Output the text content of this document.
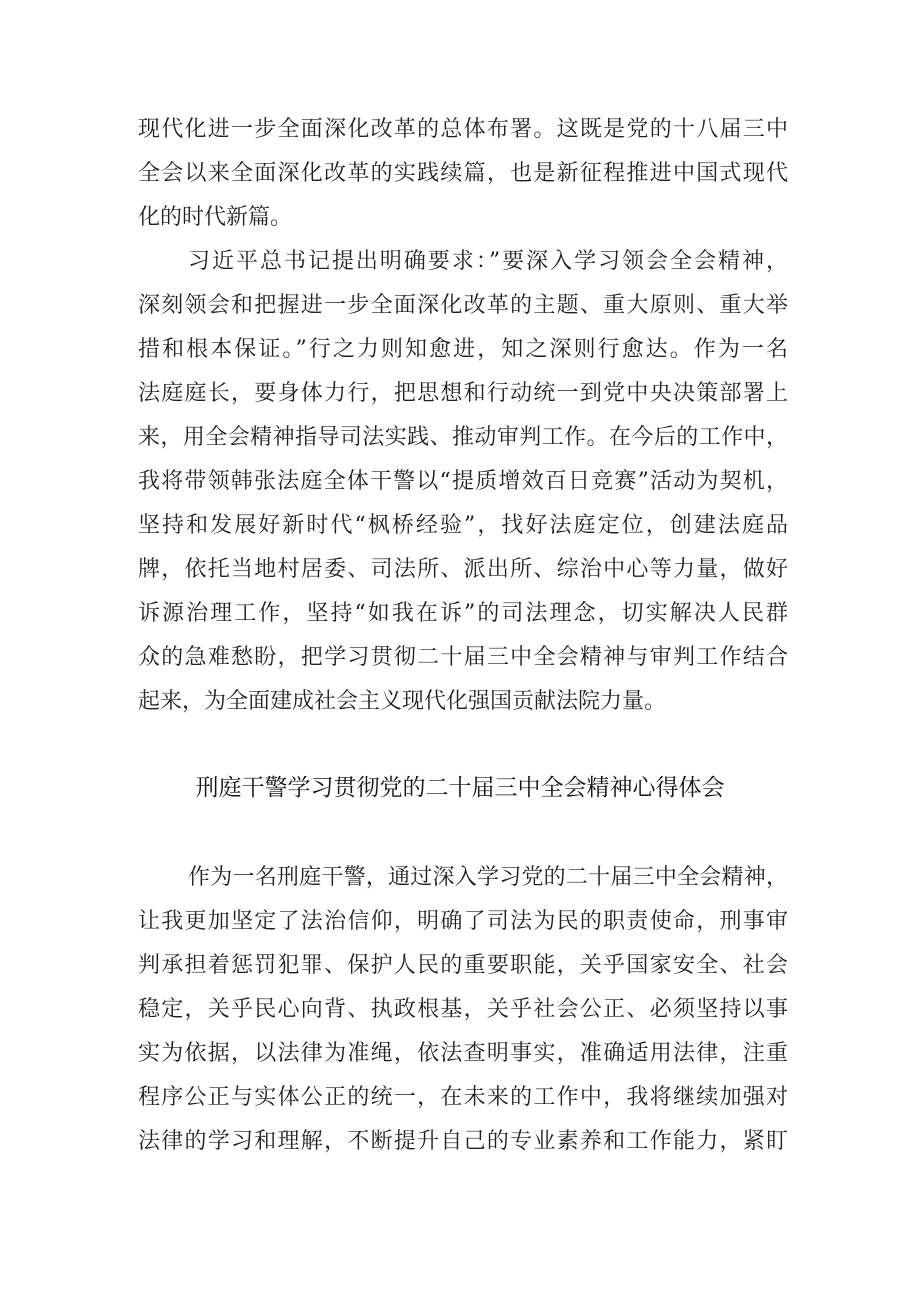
现代化进一步全面深化改革的总体布署。这既是党的十八届三中
全会以来全面深化改革的实践续篇，也是新征程推进中国式现代
化的时代新篇。
习近平总书记提出明确要求：”要深入学习领会全会精神，
深刻领会和把握进一步全面深化改革的主题、重大原则、重大举
措和根本保证。”行之力则知愈进，知之深则行愈达。作为一名
法庭庭长，要身体力行，把思想和行动统一到党中央决策部署上
来，用全会精神指导司法实践、推动审判工作。在今后的工作中，
我将带领韩张法庭全体干警以“提质增效百日竞赛”活动为契机，
坚持和发展好新时代“枫桥经验”，找好法庭定位，创建法庭品
牌，依托当地村居委、司法所、派出所、综治中心等力量，做好
诉源治理工作，坚持“如我在诉”的司法理念，切实解决人民群
众的急难愁盼，把学习贯彻二十届三中全会精神与审判工作结合
起来，为全面建成社会主义现代化强国贡献法院力量。
刑庭干警学习贯彻党的二十届三中全会精神心得体会
作为一名刑庭干警，通过深入学习党的二十届三中全会精神，
让我更加坚定了法治信仰，明确了司法为民的职责使命，刑事审
判承担着惩罚犯罪、保护人民的重要职能，关乎国家安全、社会
稳定，关乎民心向背、执政根基，关乎社会公正、必须坚持以事
实为依据，以法律为准绳，依法查明事实，准确适用法律，注重
程序公正与实体公正的统一，在未来的工作中，我将继续加强对
法律的学习和理解，不断提升自己的专业素养和工作能力，紧盯
